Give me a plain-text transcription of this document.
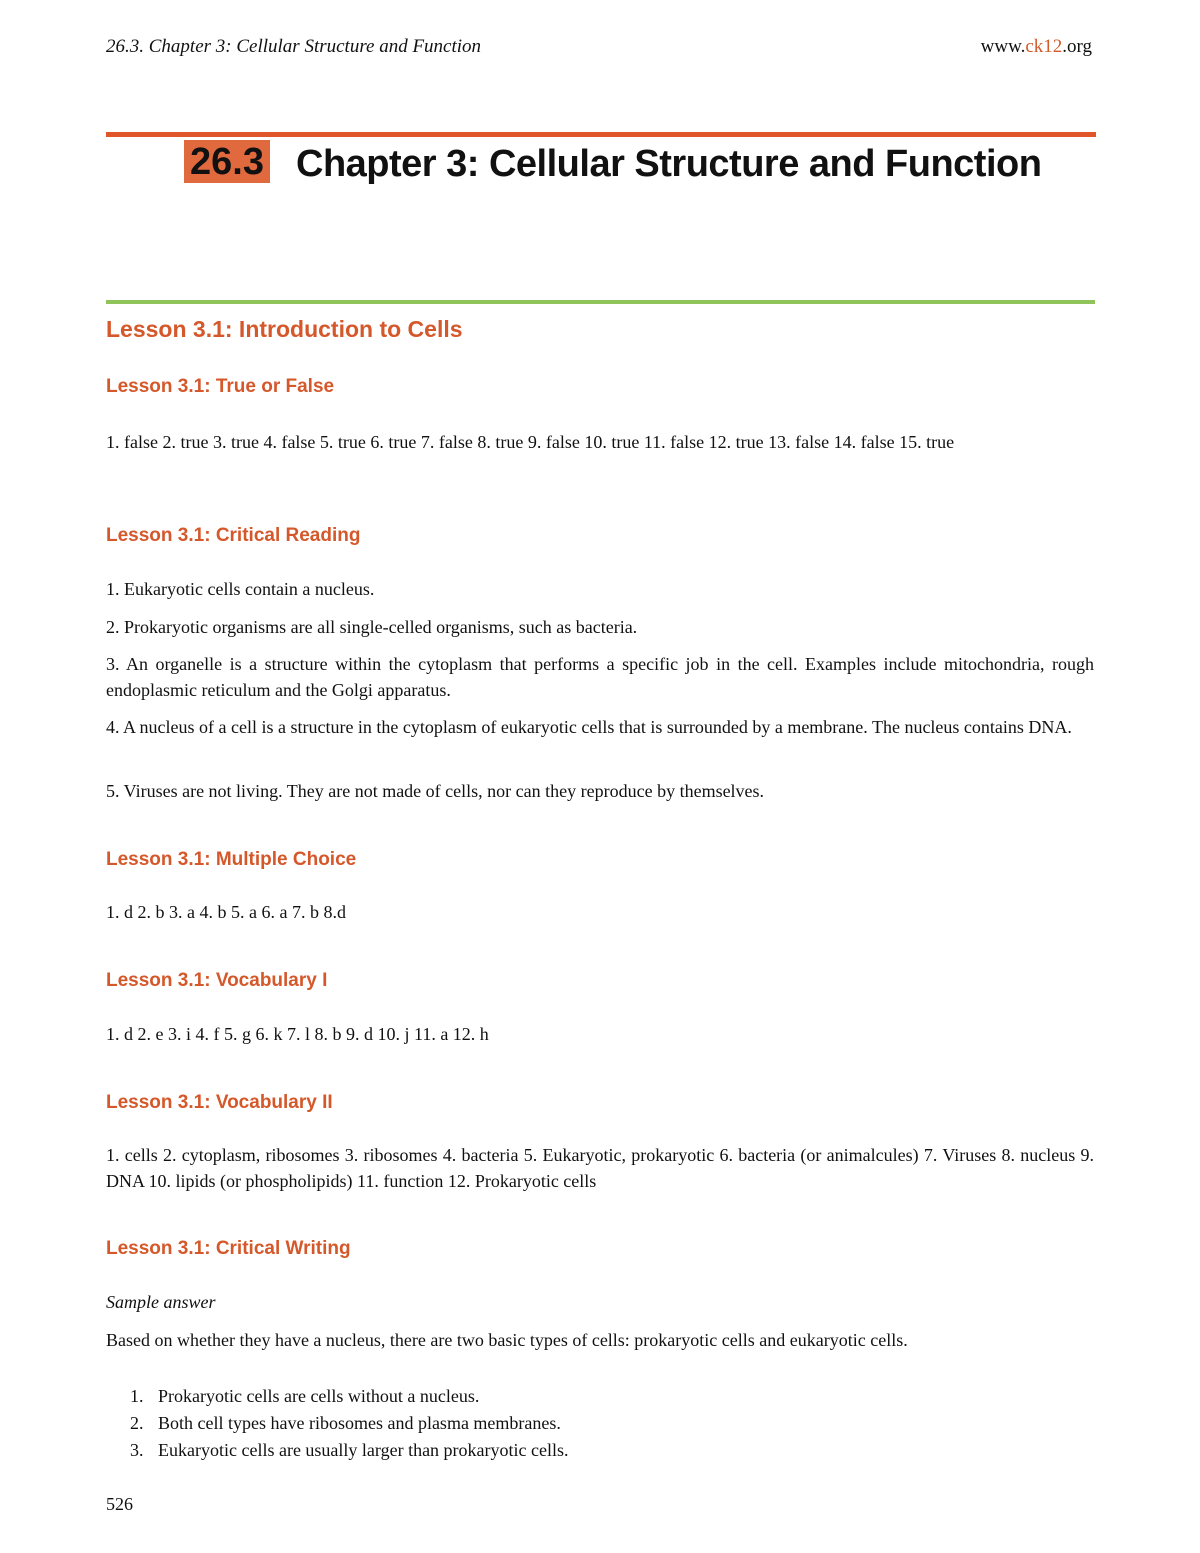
26.3. Chapter 3: Cellular Structure and Function	www.ck12.org
26.3 Chapter 3: Cellular Structure and Function
Lesson 3.1: Introduction to Cells
Lesson 3.1: True or False
1. false 2. true 3. true 4. false 5. true 6. true 7. false 8. true 9. false 10. true 11. false 12. true 13. false 14. false 15. true
Lesson 3.1: Critical Reading
1. Eukaryotic cells contain a nucleus.
2. Prokaryotic organisms are all single-celled organisms, such as bacteria.
3. An organelle is a structure within the cytoplasm that performs a specific job in the cell. Examples include mitochondria, rough endoplasmic reticulum and the Golgi apparatus.
4. A nucleus of a cell is a structure in the cytoplasm of eukaryotic cells that is surrounded by a membrane. The nucleus contains DNA.
5. Viruses are not living. They are not made of cells, nor can they reproduce by themselves.
Lesson 3.1: Multiple Choice
1. d 2. b 3. a 4. b 5. a 6. a 7. b 8.d
Lesson 3.1: Vocabulary I
1. d 2. e 3. i 4. f 5. g 6. k 7. l 8. b 9. d 10. j 11. a 12. h
Lesson 3.1: Vocabulary II
1. cells 2. cytoplasm, ribosomes 3. ribosomes 4. bacteria 5. Eukaryotic, prokaryotic 6. bacteria (or animalcules) 7. Viruses 8. nucleus 9. DNA 10. lipids (or phospholipids) 11. function 12. Prokaryotic cells
Lesson 3.1: Critical Writing
Sample answer
Based on whether they have a nucleus, there are two basic types of cells: prokaryotic cells and eukaryotic cells.
1. Prokaryotic cells are cells without a nucleus.
2. Both cell types have ribosomes and plasma membranes.
3. Eukaryotic cells are usually larger than prokaryotic cells.
526
